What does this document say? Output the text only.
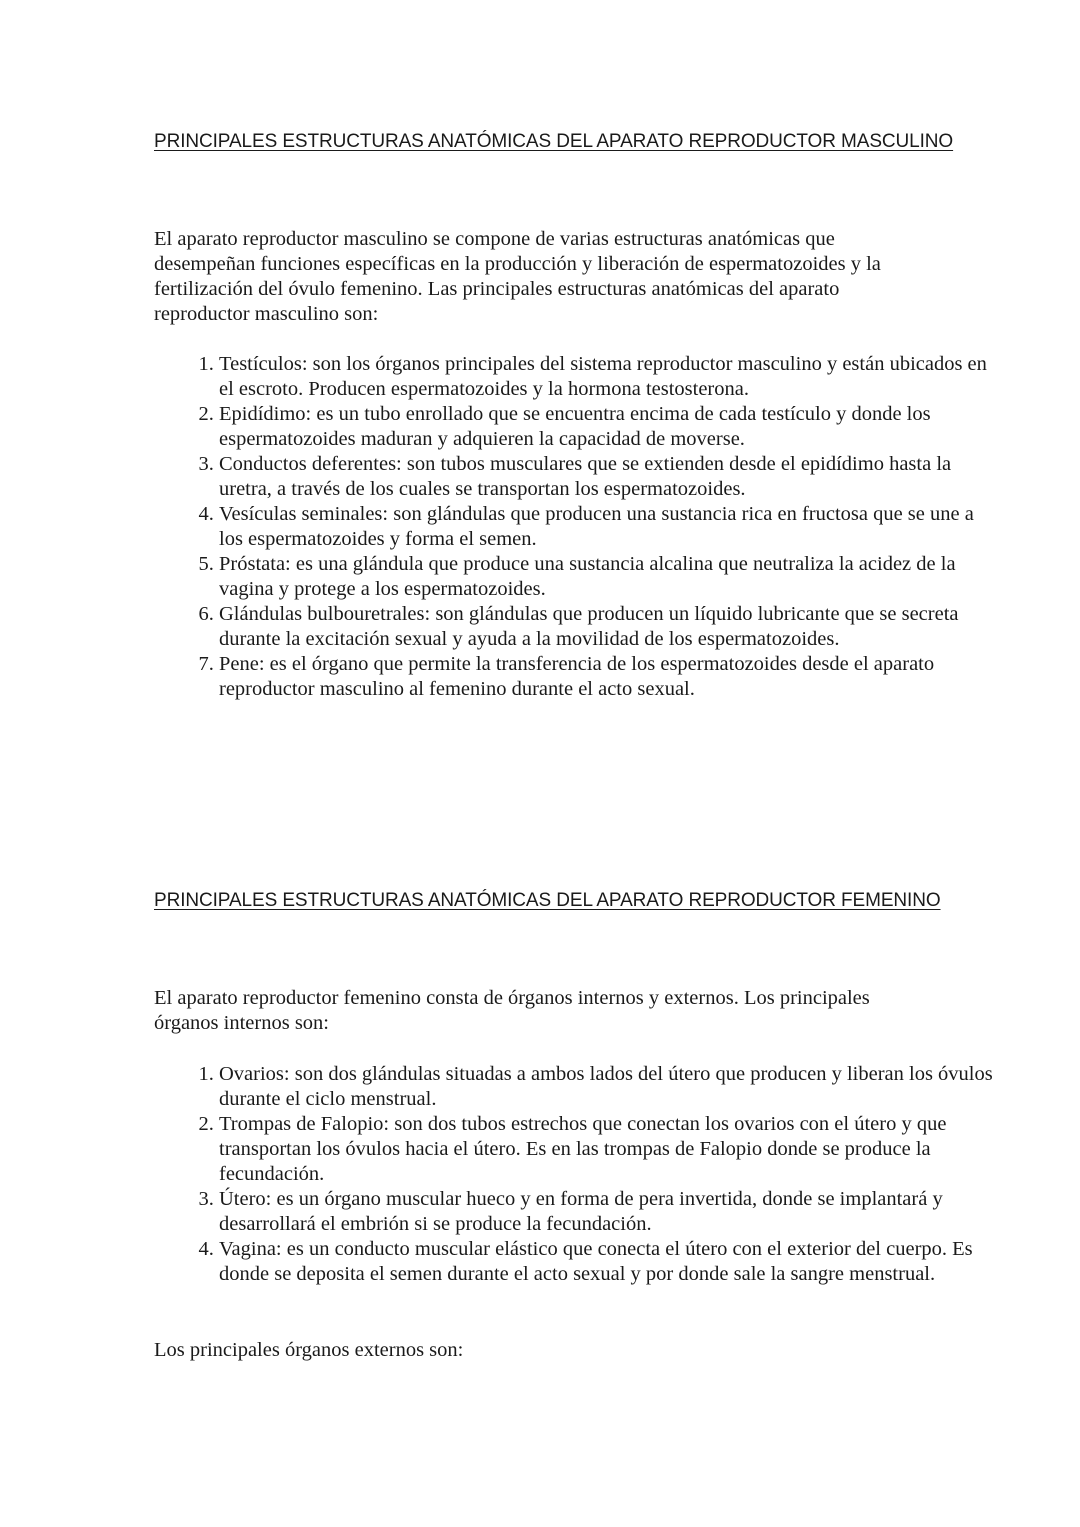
PRINCIPALES ESTRUCTURAS ANATÓMICAS DEL APARATO REPRODUCTOR MASCULINO

El aparato reproductor masculino se compone de varias estructuras anatómicas que desempeñan funciones específicas en la producción y liberación de espermatozoides y la fertilización del óvulo femenino. Las principales estructuras anatómicas del aparato reproductor masculino son:

1. Testículos: son los órganos principales del sistema reproductor masculino y están ubicados en el escroto. Producen espermatozoides y la hormona testosterona.
2. Epidídimo: es un tubo enrollado que se encuentra encima de cada testículo y donde los espermatozoides maduran y adquieren la capacidad de moverse.
3. Conductos deferentes: son tubos musculares que se extienden desde el epidídimo hasta la uretra, a través de los cuales se transportan los espermatozoides.
4. Vesículas seminales: son glándulas que producen una sustancia rica en fructosa que se une a los espermatozoides y forma el semen.
5. Próstata: es una glándula que produce una sustancia alcalina que neutraliza la acidez de la vagina y protege a los espermatozoides.
6. Glándulas bulbouretrales: son glándulas que producen un líquido lubricante que se secreta durante la excitación sexual y ayuda a la movilidad de los espermatozoides.
7. Pene: es el órgano que permite la transferencia de los espermatozoides desde el aparato reproductor masculino al femenino durante el acto sexual.
PRINCIPALES ESTRUCTURAS ANATÓMICAS DEL APARATO REPRODUCTOR FEMENINO

El aparato reproductor femenino consta de órganos internos y externos. Los principales órganos internos son:

1. Ovarios: son dos glándulas situadas a ambos lados del útero que producen y liberan los óvulos durante el ciclo menstrual.
2. Trompas de Falopio: son dos tubos estrechos que conectan los ovarios con el útero y que transportan los óvulos hacia el útero. Es en las trompas de Falopio donde se produce la fecundación.
3. Útero: es un órgano muscular hueco y en forma de pera invertida, donde se implantará y desarrollará el embrión si se produce la fecundación.
4. Vagina: es un conducto muscular elástico que conecta el útero con el exterior del cuerpo. Es donde se deposita el semen durante el acto sexual y por donde sale la sangre menstrual.

Los principales órganos externos son:
